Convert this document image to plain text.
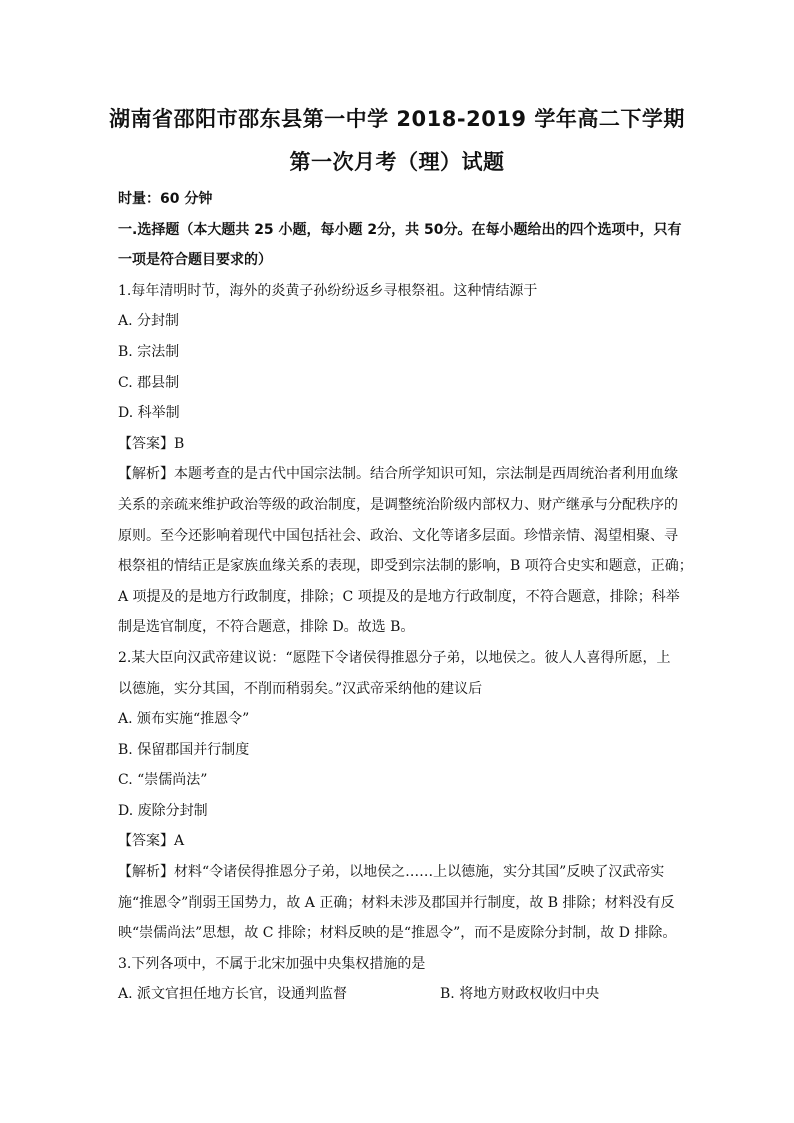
湖南省邵阳市邵东县第一中学 2018-2019 学年高二下学期
第一次月考（理）试题
时量：60 分钟
一.选择题（本大题共 25 小题，每小题 2分，共 50分。在每小题给出的四个选项中，只有
一项是符合题目要求的）
1.每年清明时节，海外的炎黄子孙纷纷返乡寻根祭祖。这种情结源于
A. 分封制
B. 宗法制
C. 郡县制
D. 科举制
【答案】B
【解析】本题考查的是古代中国宗法制。结合所学知识可知，宗法制是西周统治者利用血缘
关系的亲疏来维护政治等级的政治制度，是调整统治阶级内部权力、财产继承与分配秩序的
原则。至今还影响着现代中国包括社会、政治、文化等诸多层面。珍惜亲情、渴望相聚、寻
根祭祖的情结正是家族血缘关系的表现，即受到宗法制的影响，B 项符合史实和题意，正确；
A 项提及的是地方行政制度，排除；C 项提及的是地方行政制度，不符合题意，排除；科举
制是选官制度，不符合题意，排除 D。故选 B。
2.某大臣向汉武帝建议说：“愿陛下令诸侯得推恩分子弟，以地侯之。彼人人喜得所愿，上
以德施，实分其国，不削而稍弱矣。”汉武帝采纳他的建议后
A. 颁布实施“推恩令”
B. 保留郡国并行制度
C. “崇儒尚法”
D. 废除分封制
【答案】A
【解析】材料“令诸侯得推恩分子弟，以地侯之……上以德施，实分其国”反映了汉武帝实
施“推恩令”削弱王国势力，故 A 正确；材料未涉及郡国并行制度，故 B 排除；材料没有反
映“崇儒尚法”思想，故 C 排除；材料反映的是“推恩令”，而不是废除分封制，故 D 排除。
3.下列各项中，不属于北宋加强中央集权措施的是
A. 派文官担任地方长官，设通判监督	B. 将地方财政权收归中央
